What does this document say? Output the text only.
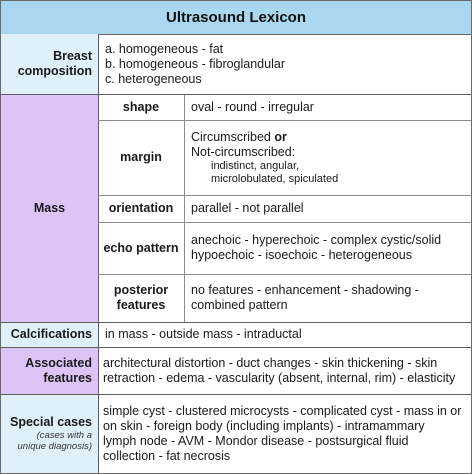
Ultrasound Lexicon
Breast
composition
a. homogeneous - fat
b. homogeneous - fibroglandular
c. heterogeneous
Mass
shape	oval - round - irregular
margin
Circumscribed or
Not-circumscribed:
indistinct, angular,
microlobulated, spiculated
orientation parallel - not parallel
echo pattern
anechoic - hyperechoic - complex cystic/solid
hypoechoic - isoechoic - heterogeneous
posterior
features
no features - enhancement - shadowing -
combined pattern
Calcifications in mass - outside mass - intraductal
Associated
features
architectural distortion - duct changes - skin thickening - skin
retraction - edema - vascularity (absent, internal, rim) - elasticity
Special cases
(cases with a
unique diagnosis)
simple cyst - clustered microcysts - complicated cyst - mass in or
on skin - foreign body (including implants) - intramammary
lymph node - AVM - Mondor disease - postsurgical fluid
collection - fat necrosis
